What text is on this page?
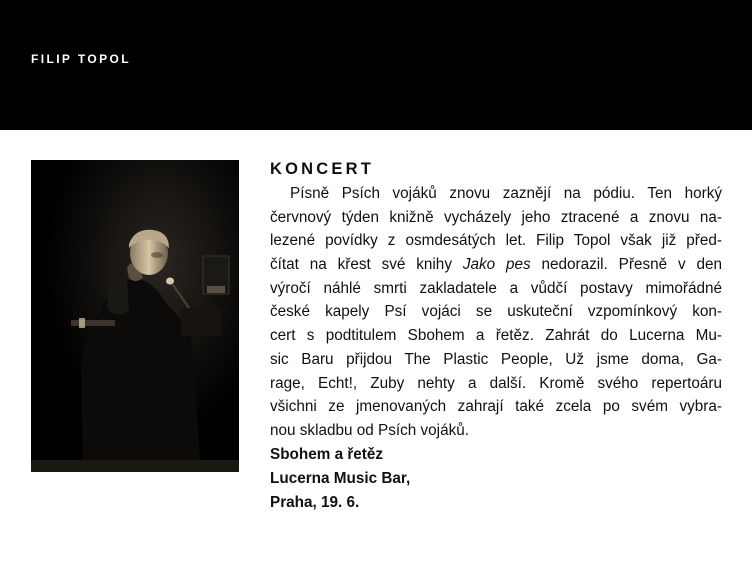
FILIP TOPOL
KONCERT
Písně Psích vojáků znovu zaznějí na pódiu. Ten horký
červnový týden knižně vycházely jeho ztracené a znovu na-
lezené povídky z osmdesátých let. Filip Topol však již před-
čítat na křest své knihy Jako pes nedorazil. Přesně v den
výročí náhlé smrti zakladatele a vůdčí postavy mimořádné
české kapely Psí vojáci se uskuteční vzpomínkový kon-
cert s podtitulem Sbohem a řetěz. Zahrát do Lucerna Mu-
sic Baru přijdou The Plastic People, Už jsme doma, Ga-
rage, Echt!, Zuby nehty a další. Kromě svého repertoáru
všichni ze jmenovaných zahrají také zcela po svém vybra-
nou skladbu od Psích vojáků.
Sbohem a řetěz
Lucerna Music Bar,
Praha, 19. 6.
